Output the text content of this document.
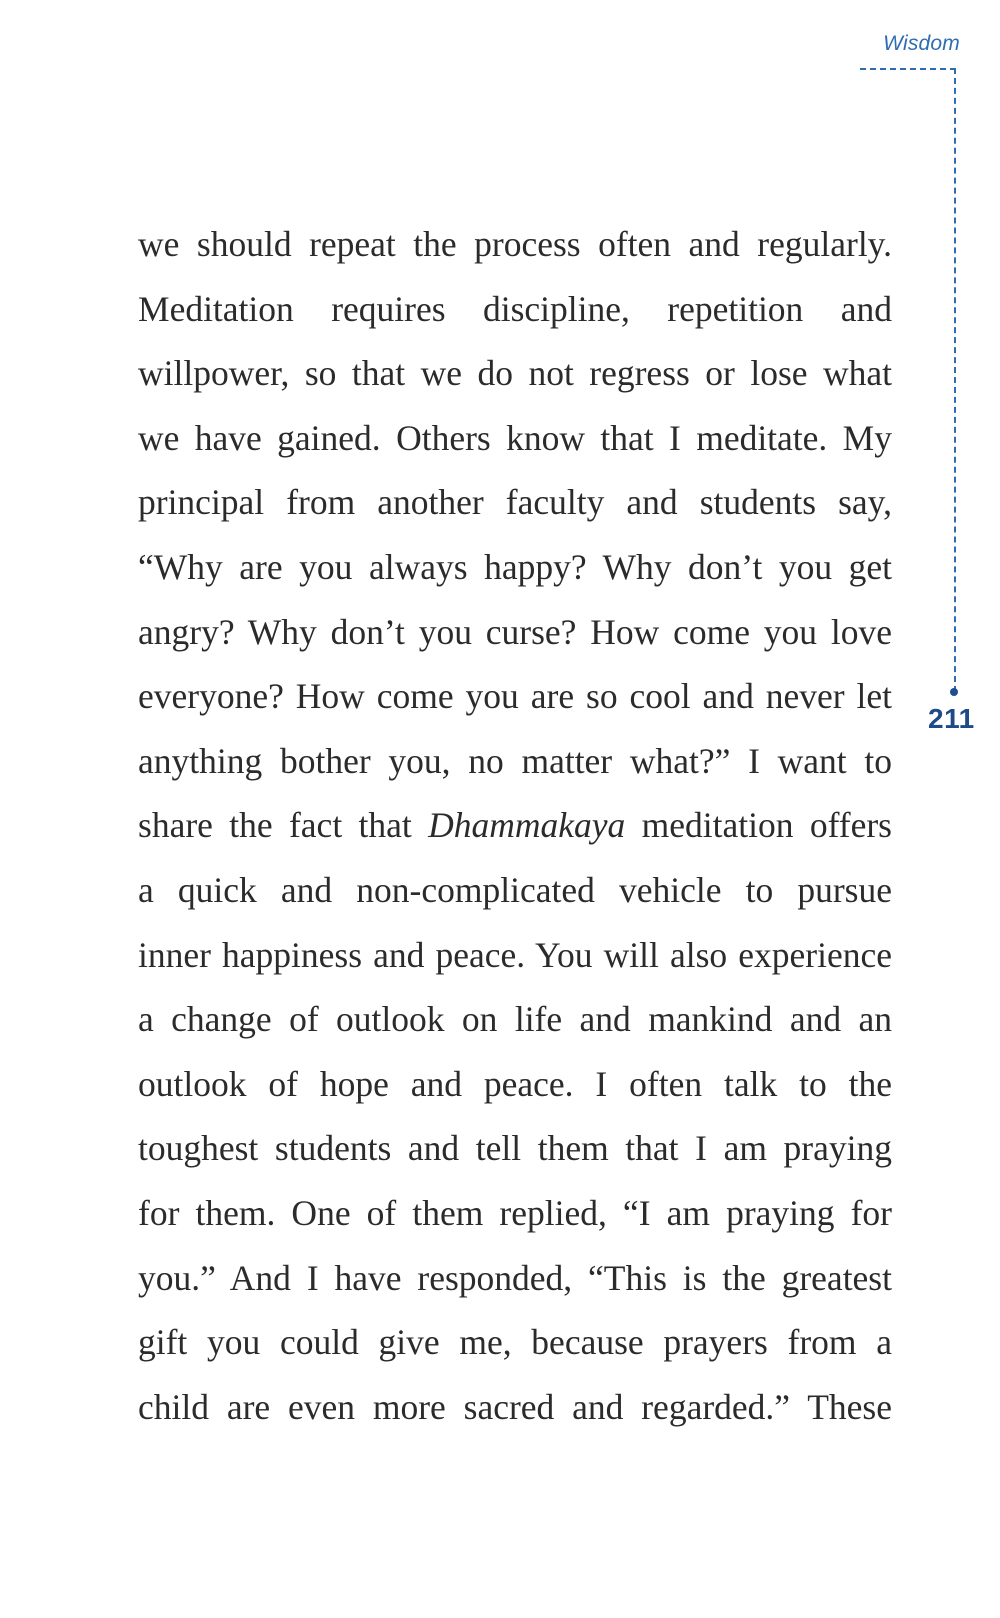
Wisdom
211
we should repeat the process often and regularly.
Meditation requires discipline, repetition and
willpower, so that we do not regress or lose what
we have gained. Others know that I meditate. My
principal from another faculty and students say,
“Why are you always happy? Why don’t you get
angry? Why don’t you curse? How come you love
everyone? How come you are so cool and never let
anything bother you, no matter what?” I want to
share the fact that Dhammakaya meditation offers
a quick and non-complicated vehicle to pursue
inner happiness and peace. You will also experience
a change of outlook on life and mankind and an
outlook of hope and peace. I often talk to the
toughest students and tell them that I am praying
for them. One of them replied, “I am praying for
you.” And I have responded, “This is the greatest
gift you could give me, because prayers from a
child are even more sacred and regarded.” These
